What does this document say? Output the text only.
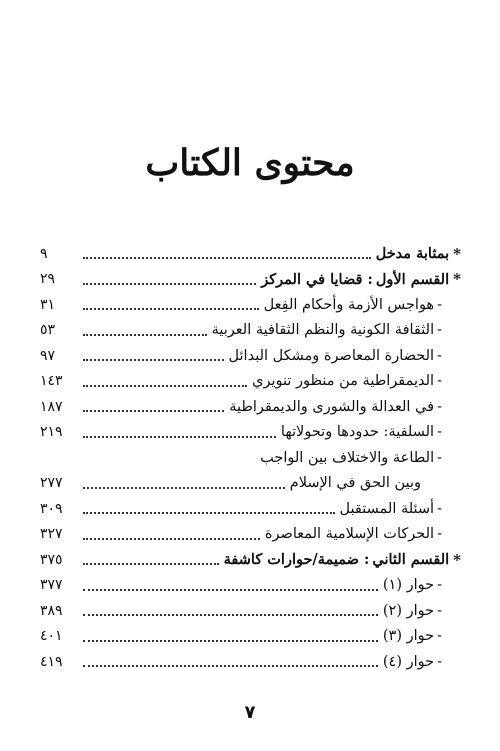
محتوى الكتاب
*
بمثابة مدخل
٩
*
القسم الأول
: قضايا في المركز
٢٩
-
هواجس الأزمة وأحكام الفِعل
٣١
-
الثقافة الكونية والنظم الثقافية العربية
٥٣
-
الحضارة المعاصرة ومشكل البدائل
٩٧
-
الديمقراطية من منظور تنويري
١٤٣
-
في العدالة والشورى والديمقراطية
١٨٧
-
السلفية: حدودها وتحولاتها
٢١٩
-
الطاعة والاختلاف بين الواجب
وبين الحق في الإسلام
٢٧٧
-
أسئلة المستقبل
٣٠٩
-
الحركات الإسلامية المعاصرة
٣٢٧
*
القسم الثاني
: ضميمة/حوارات كاشفة
٣٧٥
-
حوار (١)
٣٧٧
-
حوار (٢)
٣٨٩
-
حوار (٣)
٤٠١
-
حوار (٤)
٤١٩
٧
